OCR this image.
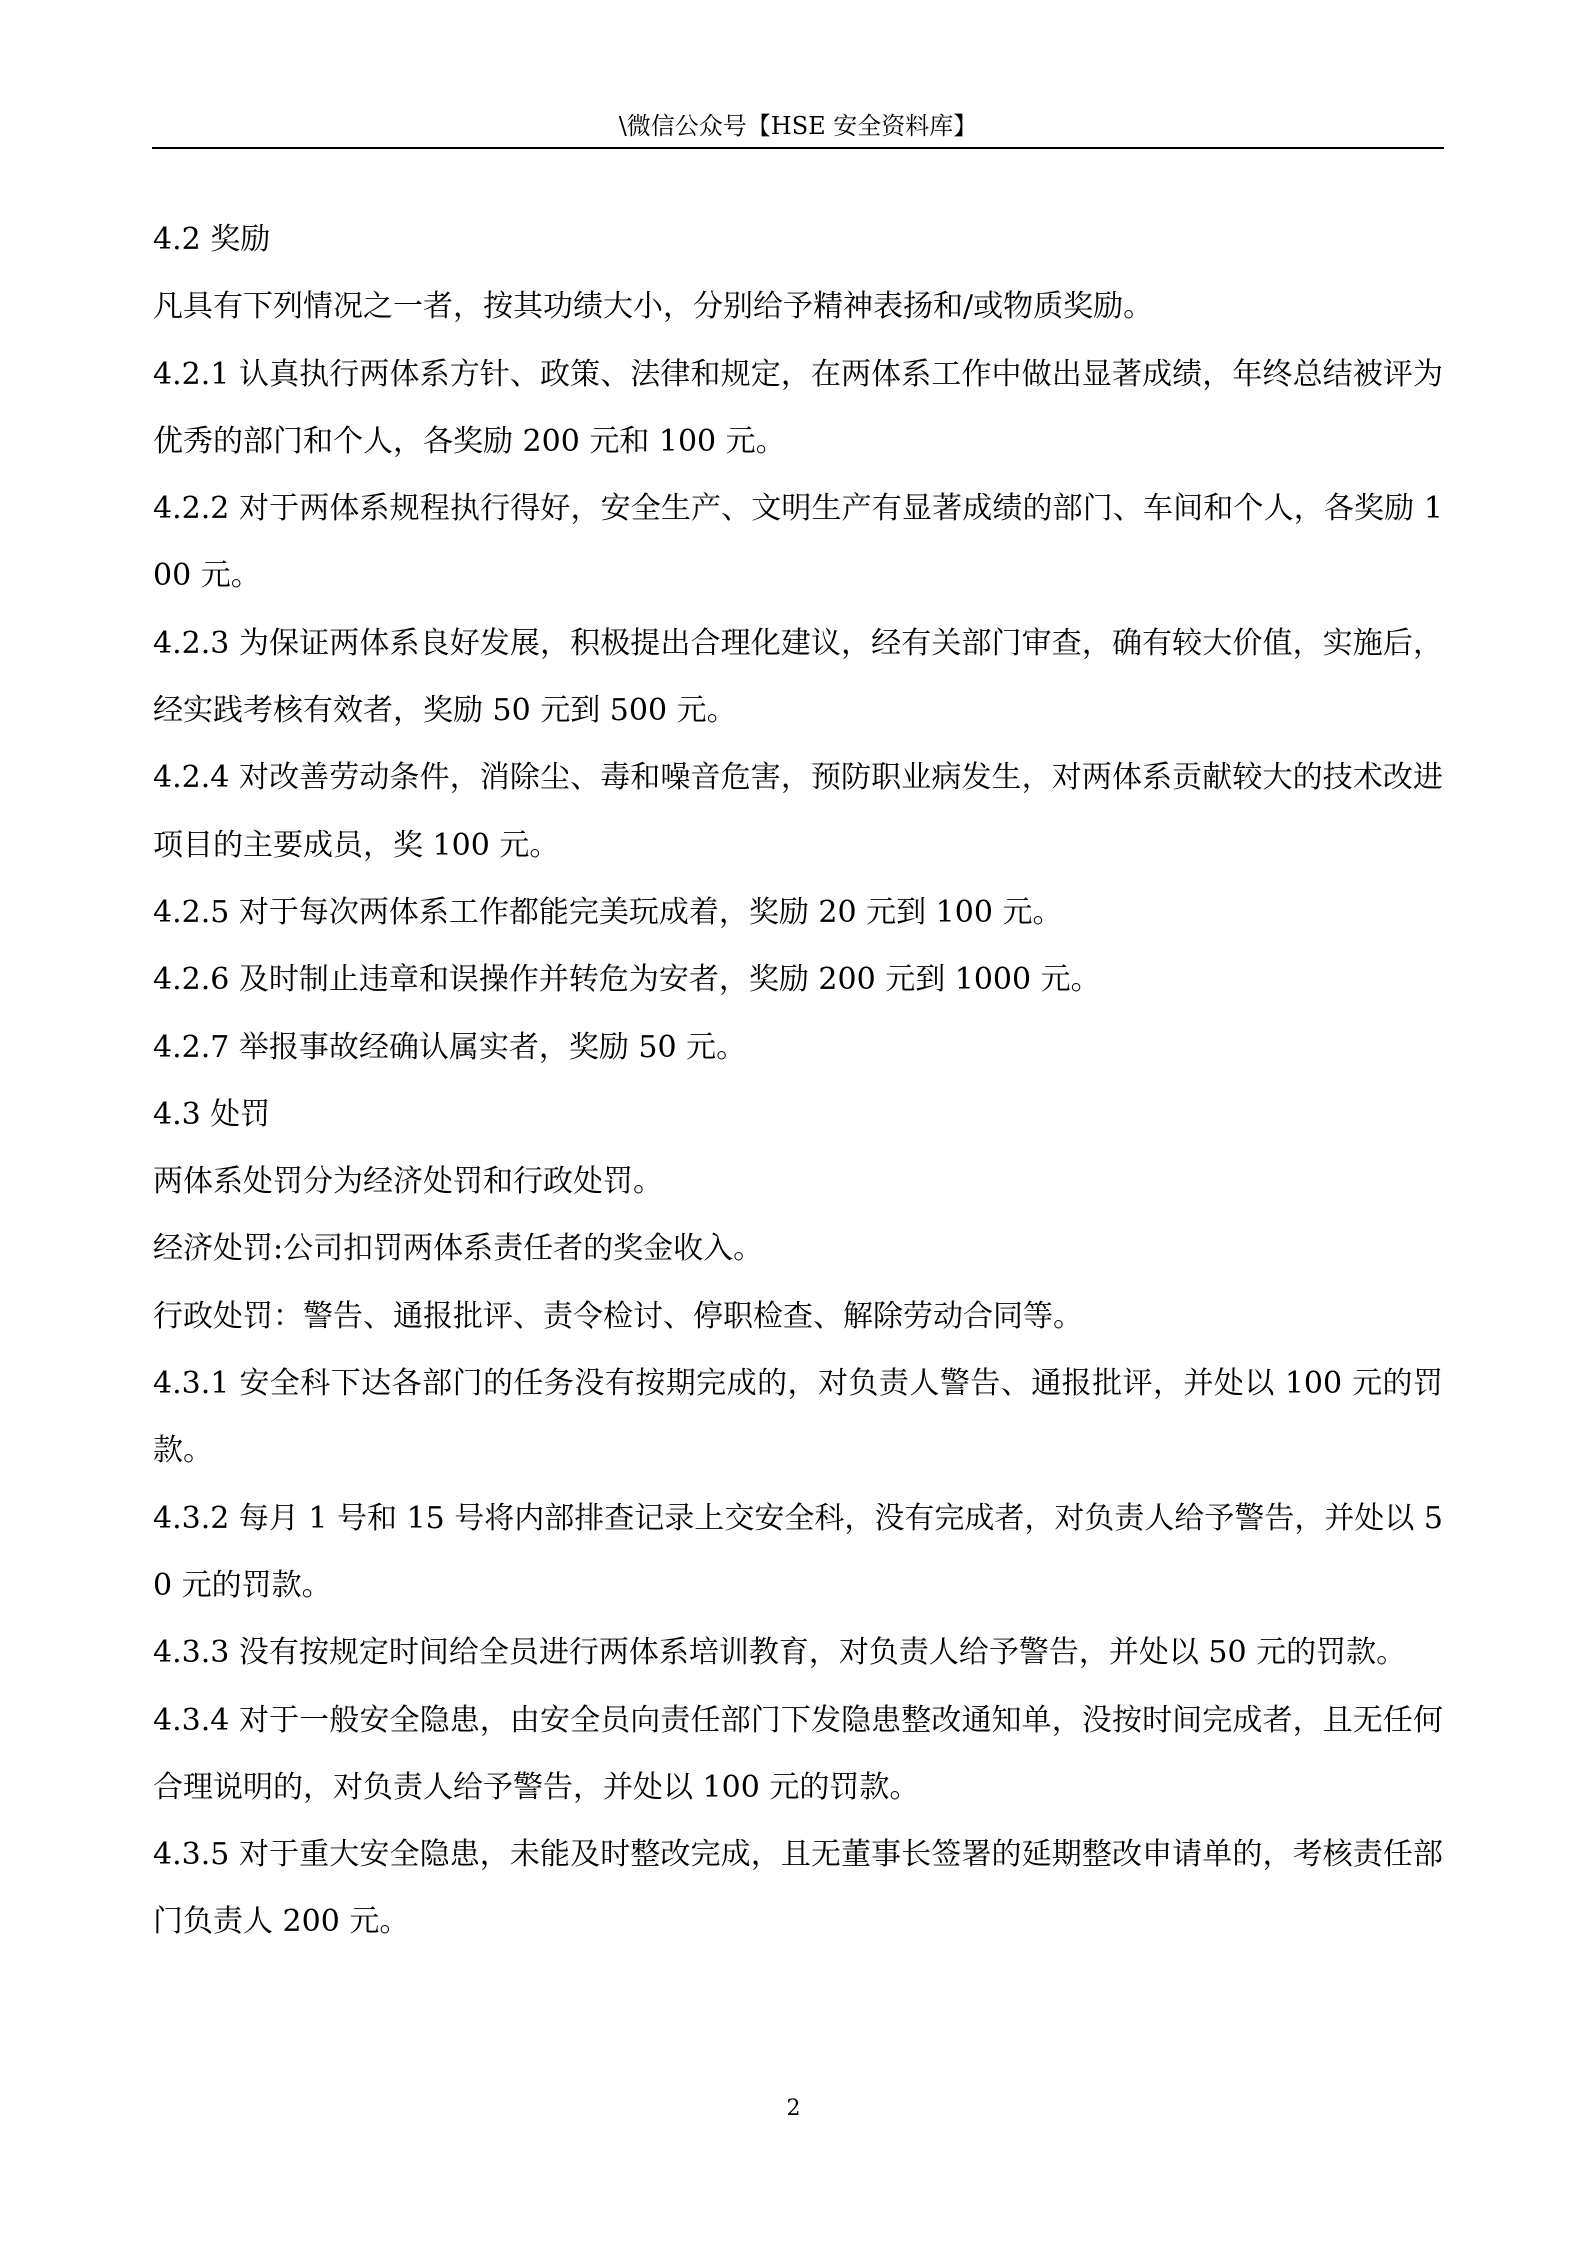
\微信公众号【HSE 安全资料库】

4.2 奖励

凡具有下列情况之一者，按其功绩大小，分别给予精神表扬和/或物质奖励。

4.2.1 认真执行两体系方针、政策、法律和规定，在两体系工作中做出显著成绩，年终总结被评为优秀的部门和个人，各奖励 200 元和 100 元。

4.2.2 对于两体系规程执行得好，安全生产、文明生产有显著成绩的部门、车间和个人，各奖励 100 元。

4.2.3 为保证两体系良好发展，积极提出合理化建议，经有关部门审查，确有较大价值，实施后，经实践考核有效者，奖励 50 元到 500 元。

4.2.4 对改善劳动条件，消除尘、毒和噪音危害，预防职业病发生，对两体系贡献较大的技术改进项目的主要成员，奖 100 元。

4.2.5 对于每次两体系工作都能完美玩成着，奖励 20 元到 100 元。

4.2.6 及时制止违章和误操作并转危为安者，奖励 200 元到 1000 元。

4.2.7 举报事故经确认属实者，奖励 50 元。

4.3 处罚

两体系处罚分为经济处罚和行政处罚。

经济处罚:公司扣罚两体系责任者的奖金收入。

行政处罚：警告、通报批评、责令检讨、停职检查、解除劳动合同等。

4.3.1 安全科下达各部门的任务没有按期完成的，对负责人警告、通报批评，并处以 100 元的罚款。

4.3.2 每月 1 号和 15 号将内部排查记录上交安全科，没有完成者，对负责人给予警告，并处以 50 元的罚款。

4.3.3 没有按规定时间给全员进行两体系培训教育，对负责人给予警告，并处以 50 元的罚款。

4.3.4 对于一般安全隐患，由安全员向责任部门下发隐患整改通知单，没按时间完成者，且无任何合理说明的，对负责人给予警告，并处以 100 元的罚款。

4.3.5 对于重大安全隐患，未能及时整改完成，且无董事长签署的延期整改申请单的，考核责任部门负责人 200 元。

2
